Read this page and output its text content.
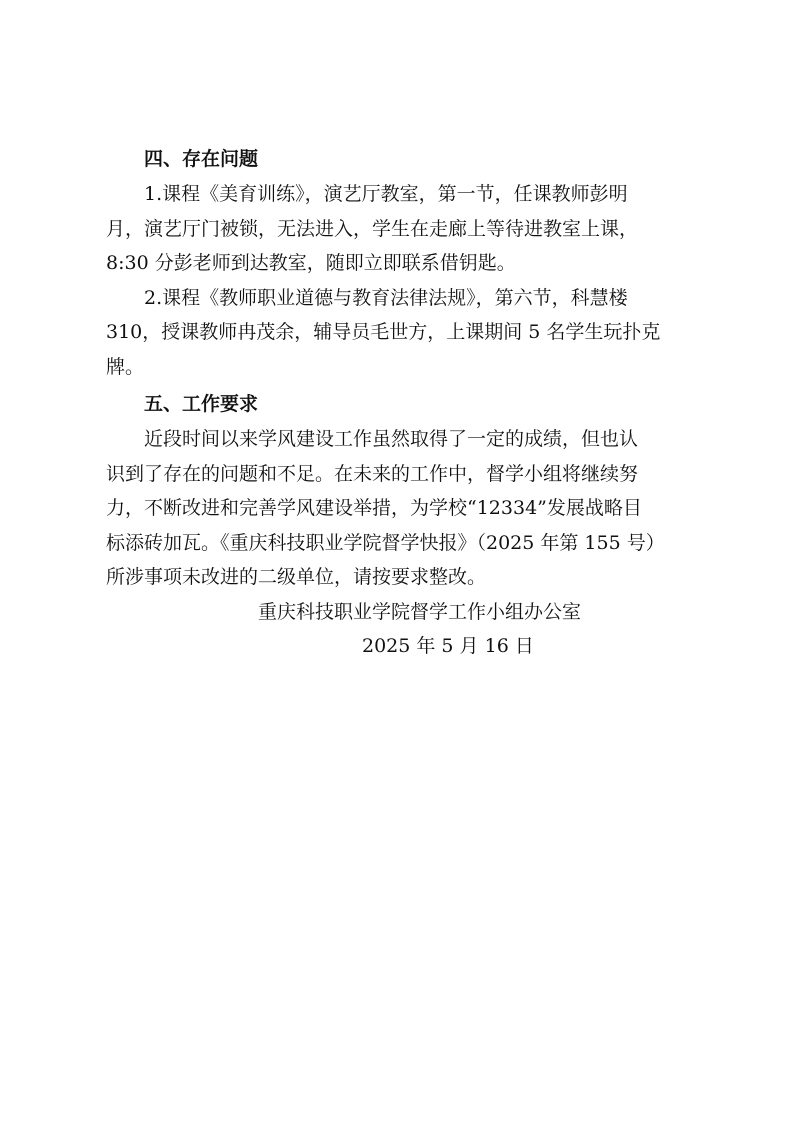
四、存在问题

1.课程《美育训练》，演艺厅教室，第一节，任课教师彭明
月，演艺厅门被锁，无法进入，学生在走廊上等待进教室上课，
8:30 分彭老师到达教室，随即立即联系借钥匙。

2.课程《教师职业道德与教育法律法规》，第六节，科慧楼
310，授课教师冉茂余，辅导员毛世方，上课期间 5 名学生玩扑克
牌。

五、工作要求

近段时间以来学风建设工作虽然取得了一定的成绩，但也认
识到了存在的问题和不足。在未来的工作中，督学小组将继续努
力，不断改进和完善学风建设举措，为学校“12334”发展战略目
标添砖加瓦。《重庆科技职业学院督学快报》（2025 年第 155 号）
所涉事项未改进的二级单位，请按要求整改。

重庆科技职业学院督学工作小组办公室

2025 年 5 月 16 日
